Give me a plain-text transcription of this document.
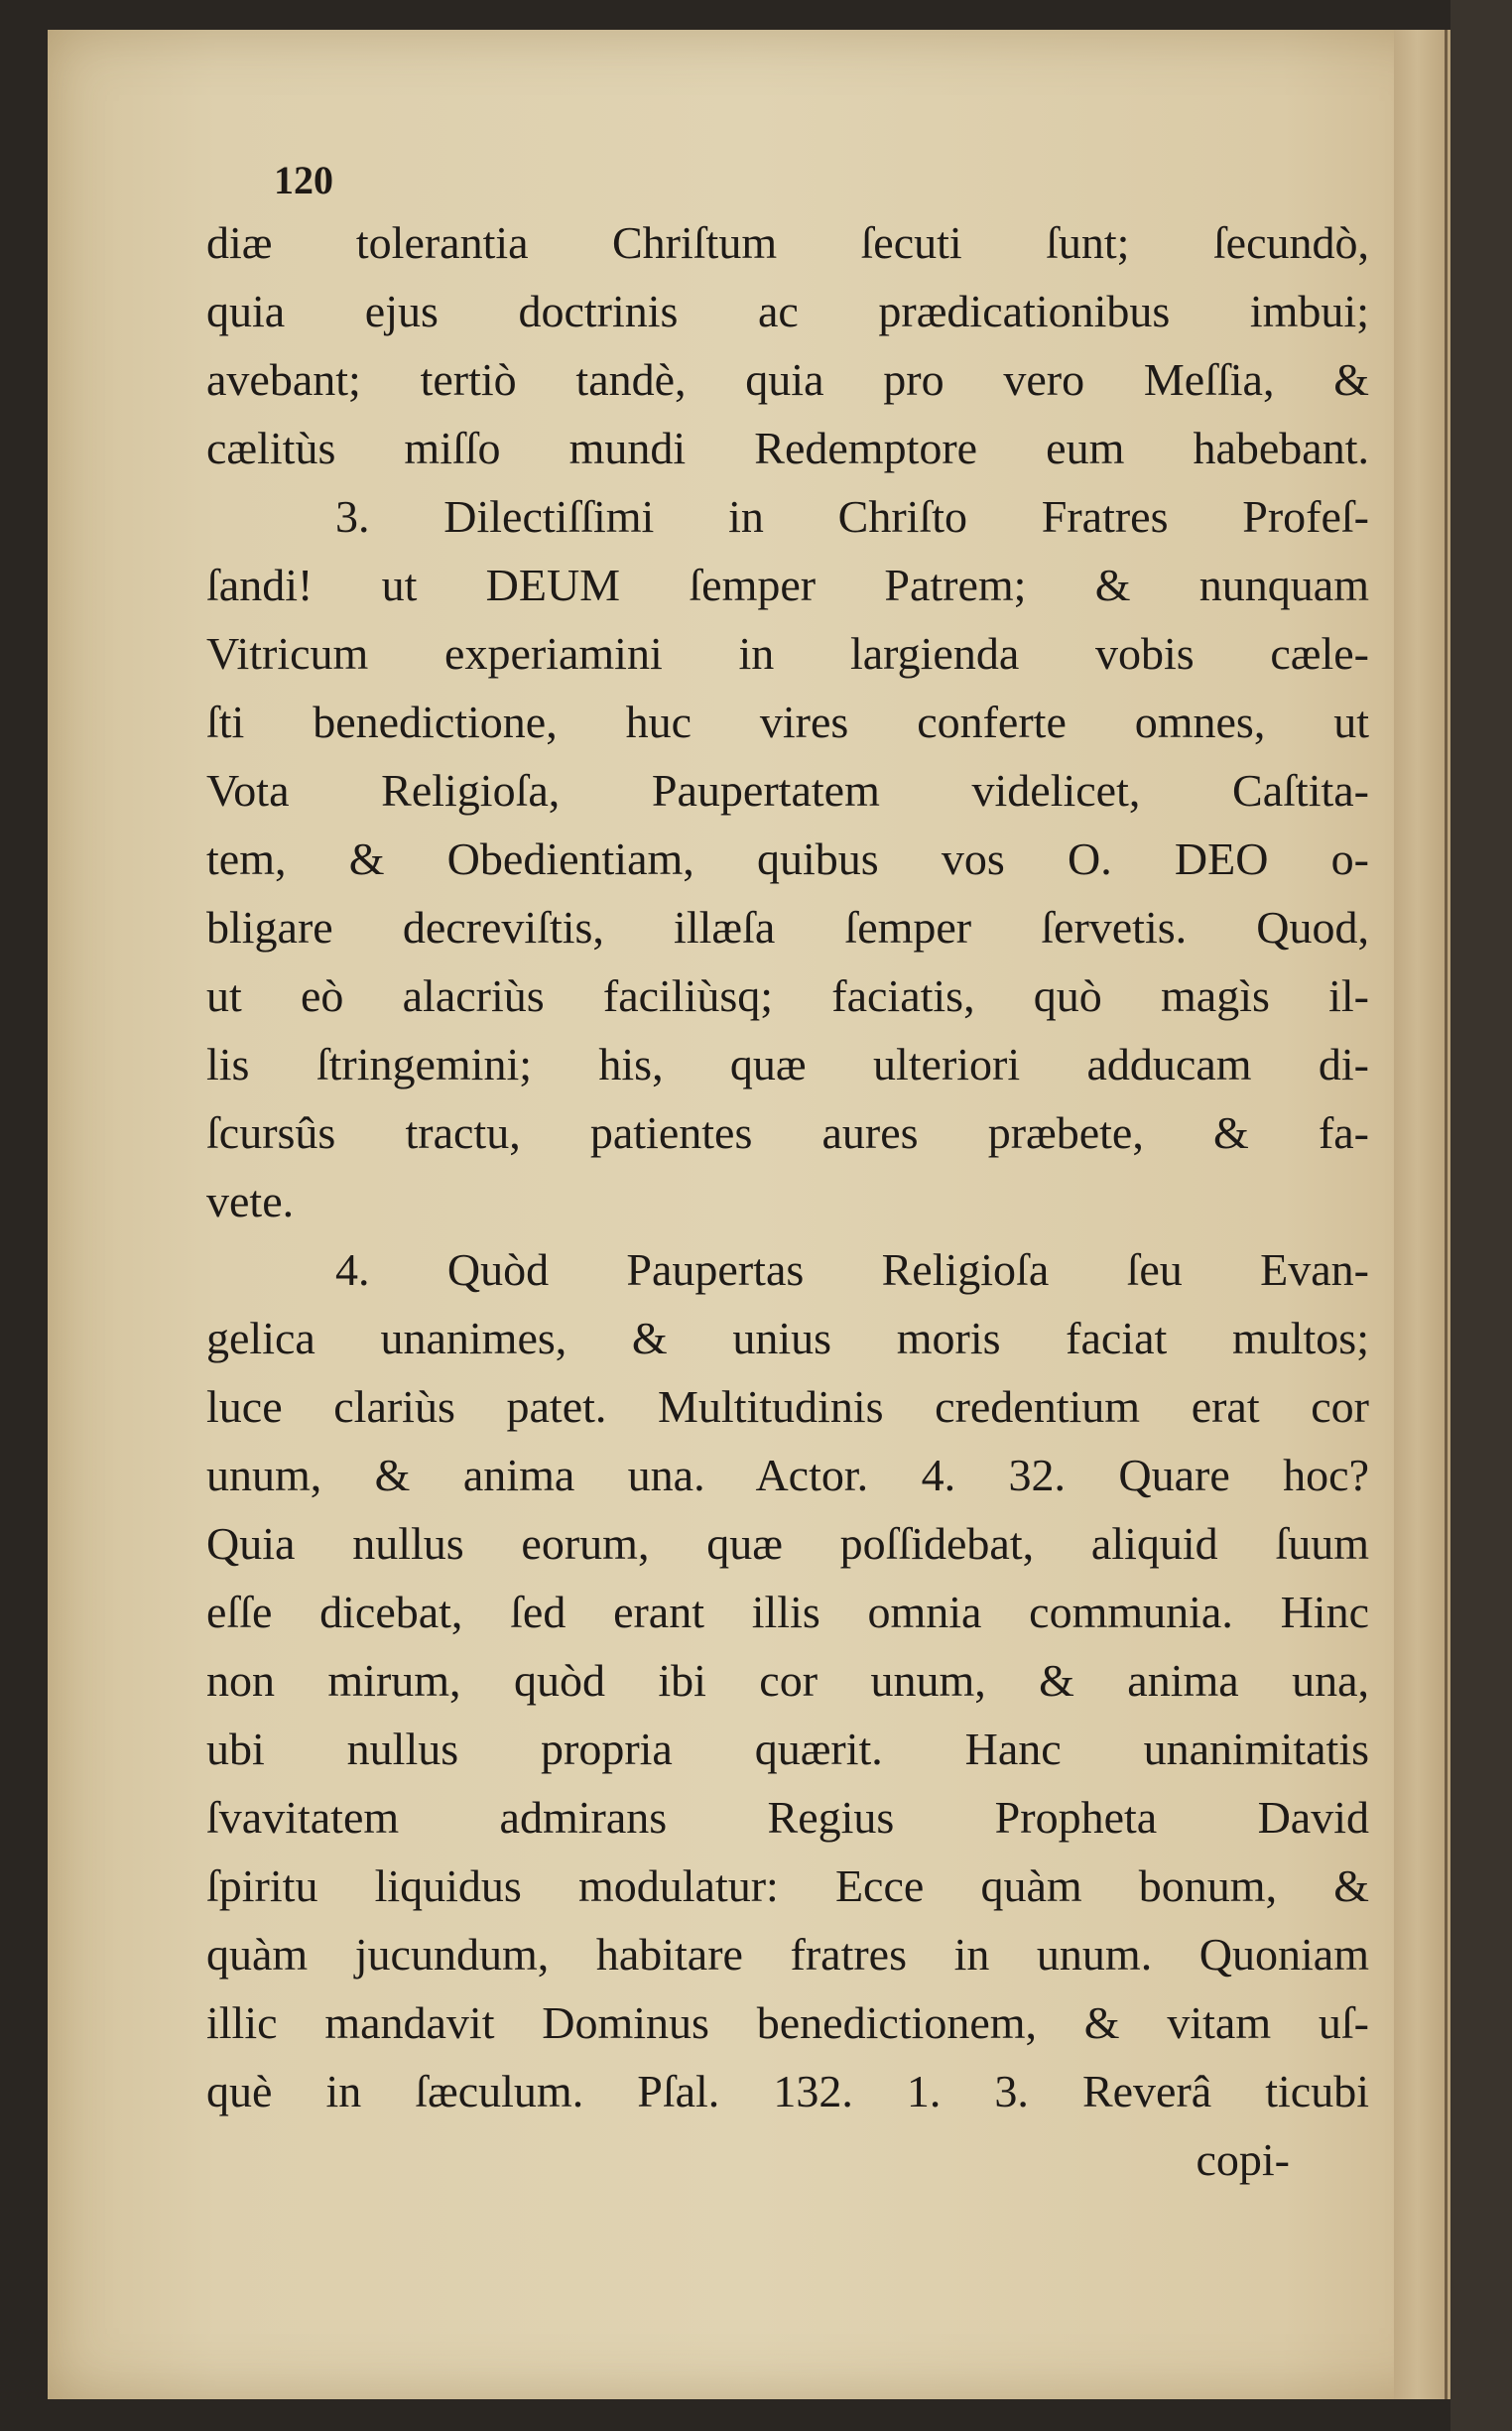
120
diæ tolerantia Chriſtum ſecuti ſunt; ſecundò,
quia ejus doctrinis ac prædicationibus imbui;
avebant; tertiò tandè, quia pro vero Meſſia, &
cælitùs miſſo mundi Redemptore eum habebant.
3. Dilectiſſimi in Chriſto Fratres Profeſ-
ſandi! ut DEUM ſemper Patrem; & nunquam
Vitricum experiamini in largienda vobis cæle-
ſti benedictione, huc vires conferte omnes, ut
Vota Religioſa, Paupertatem videlicet, Caſtita-
tem, & Obedientiam, quibus vos O. DEO o-
bligare decreviſtis, illæſa ſemper ſervetis. Quod,
ut eò alacriùs faciliùsq; faciatis, quò magìs il-
lis ſtringemini; his, quæ ulteriori adducam di-
ſcursûs tractu, patientes aures præbete, & fa-
vete.
4. Quòd Paupertas Religioſa ſeu Evan-
gelica unanimes, & unius moris faciat multos;
luce clariùs patet. Multitudinis credentium erat cor
unum, & anima una. Actor. 4. 32. Quare hoc?
Quia nullus eorum, quæ poſſidebat, aliquid ſuum
eſſe dicebat, ſed erant illis omnia communia. Hinc
non mirum, quòd ibi cor unum, & anima una,
ubi nullus propria quærit. Hanc unanimitatis
ſvavitatem admirans Regius Propheta David
ſpiritu liquidus modulatur: Ecce quàm bonum, &
quàm jucundum, habitare fratres in unum. Quoniam
illic mandavit Dominus benedictionem, & vitam uſ-
què in ſæculum. Pſal. 132. 1. 3. Reverâ ticubi
copi-
